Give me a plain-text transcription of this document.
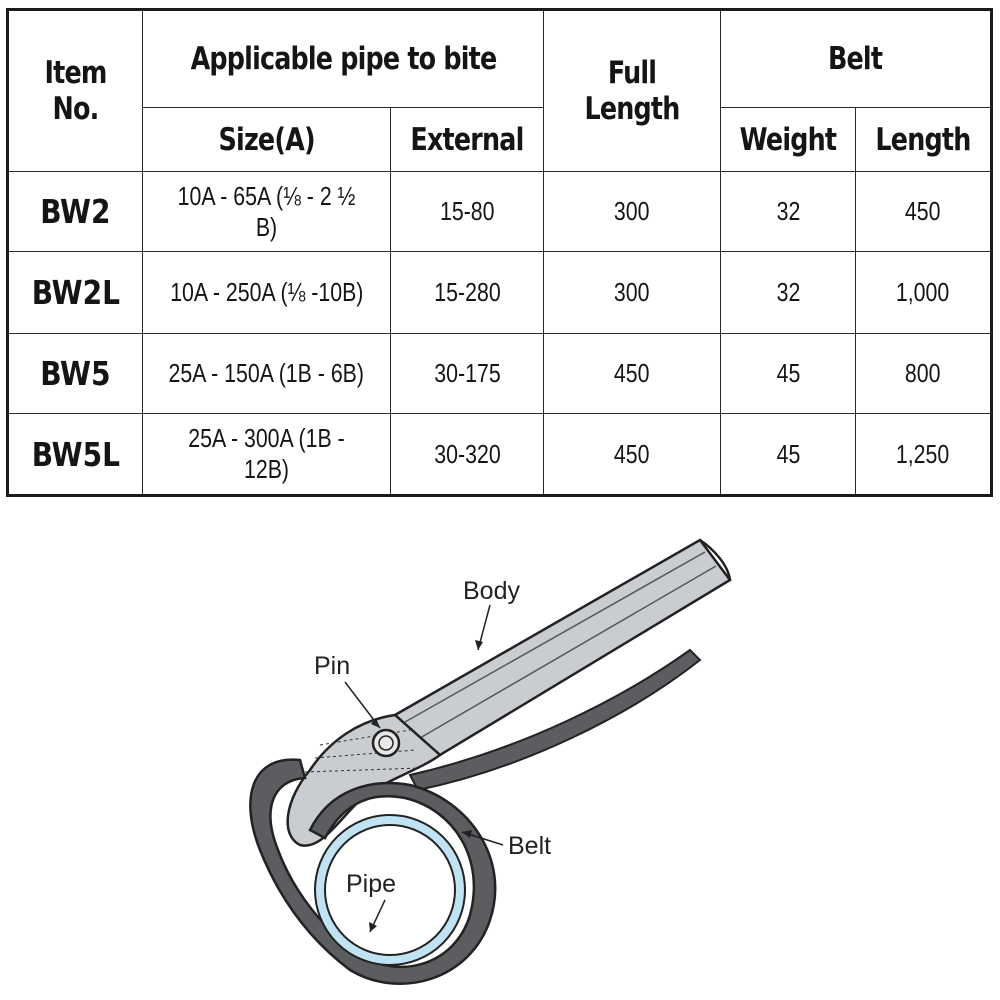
Item No.	Applicable pipe to bite		Full Length	Belt	
	Size(A)	External		Weight	Length
BW2	10A - 65A (⅛ - 2 ½ B)	15-80	300	32	450
BW2L	10A - 250A (⅛ -10B)	15-280	300	32	1,000
BW5	25A - 150A (1B - 6B)	30-175	450	45	800
BW5L	25A - 300A (1B - 12B)	30-320	450	45	1,250
Body
Pin
Belt
Pipe
